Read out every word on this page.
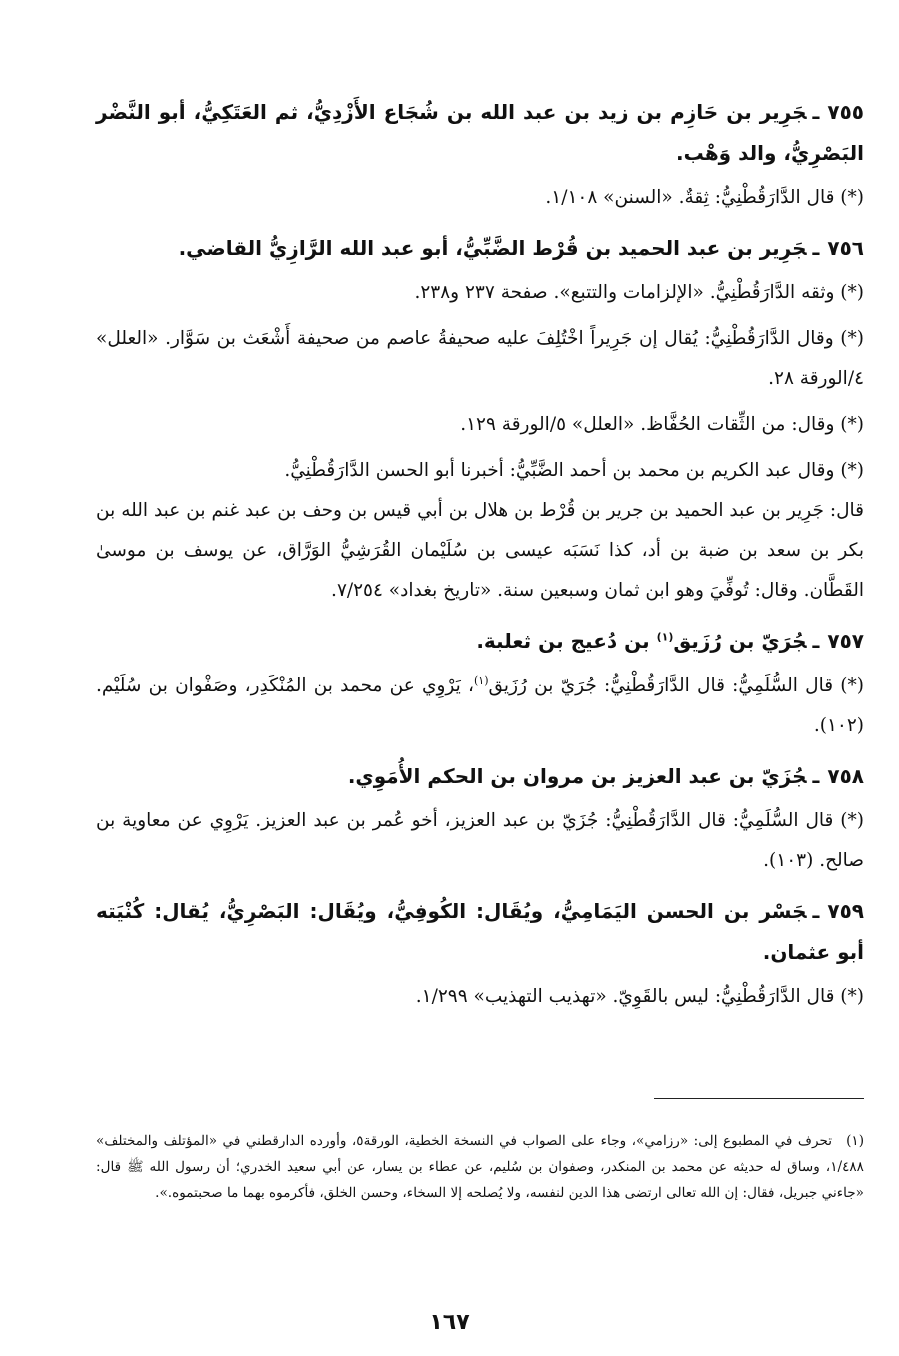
٧٥٥ـجَرِير بن حَازِم بن زيد بن عبد الله بن شُجَاع الأَزْدِيُّ، ثم العَتَكِيُّ، أبو النَّضْر البَصْرِيُّ، والد وَهْب.

(*) قال الدَّارَقُطْنِيُّ: ثِقةٌ. «السنن» ١/١٠٨.

٧٥٦ـجَرِير بن عبد الحميد بن قُرْط الضَّبِّيُّ، أبو عبد الله الرَّازِيُّ القاضي.

(*) وثقه الدَّارَقُطْنِيُّ. «الإلزامات والتتبع». صفحة ٢٣٧ و٢٣٨.

(*) وقال الدَّارَقُطْنِيُّ: يُقال إن جَرِيراً اخْتُلِفَ عليه صحيفةُ عاصم من صحيفة أَشْعَث بن سَوَّار. «العلل» ٤/الورقة ٢٨.

(*) وقال: من الثِّقات الحُفَّاظ. «العلل» ٥/الورقة ١٢٩.

(*) وقال عبد الكريم بن محمد بن أحمد الضَّبِّيُّ: أخبرنا أبو الحسن الدَّارَقُطْنِيُّ.

قال: جَرِير بن عبد الحميد بن جرير بن قُرْط بن هلال بن أبي قيس بن وحف بن عبد غنم بن عبد الله بن بكر بن سعد بن ضبة بن أد، كذا نَسَبَه عيسى بن سُلَيْمان القُرَشِيُّ الوَرَّاق، عن يوسف بن موسىٰ القَطَّان. وقال: تُوفِّيَ وهو ابن ثمان وسبعين سنة. «تاريخ بغداد» ٧/٢٥٤.

٧٥٧ـجُرَيّ بن رُزَيق$^{(١)}$ بن دُعيج بن ثعلبة.

(*) قال السُّلَمِيُّ: قال الدَّارَقُطْنِيُّ: جُرَيّ بن رُزَيق$^{(١)}$، يَرْوِي عن محمد بن المُنْكَدِر، وصَفْوان بن سُلَيْم. (١٠٢).

٧٥٨ـجُزَيّ بن عبد العزيز بن مروان بن الحكم الأُمَوِي.

(*) قال السُّلَمِيُّ: قال الدَّارَقُطْنِيُّ: جُزَيّ بن عبد العزيز، أخو عُمر بن عبد العزيز. يَرْوِي عن معاوية بن صالح. (١٠٣).

٧٥٩ـجَسْر بن الحسن اليَمَامِيُّ، ويُقَال: الكُوفِيُّ، ويُقَال: البَصْرِيُّ، يُقال: كُنْيَته أبو عثمان.

(*) قال الدَّارَقُطْنِيُّ: ليس بالقَوِيّ. «تهذيب التهذيب» ١/٢٩٩.

(١)تحرف في المطبوع إلى: «رزامي»، وجاء على الصواب في النسخة الخطية، الورقة٥، وأورده الدارقطني في «المؤتلف والمختلف» ١/٤٨٨، وساق له حديثه عن محمد بن المنكدر، وصفوان بن سُليم، عن عطاء بن يسار، عن أبي سعيد الخدري؛ أن رسول الله ﷺ قال: «جاءني جبريل، فقال: إن الله تعالى ارتضى هذا الدين لنفسه، ولا يُصلحه إلا السخاء، وحسن الخلق، فأكرموه بهما ما صحبتموه.».

١٦٧
